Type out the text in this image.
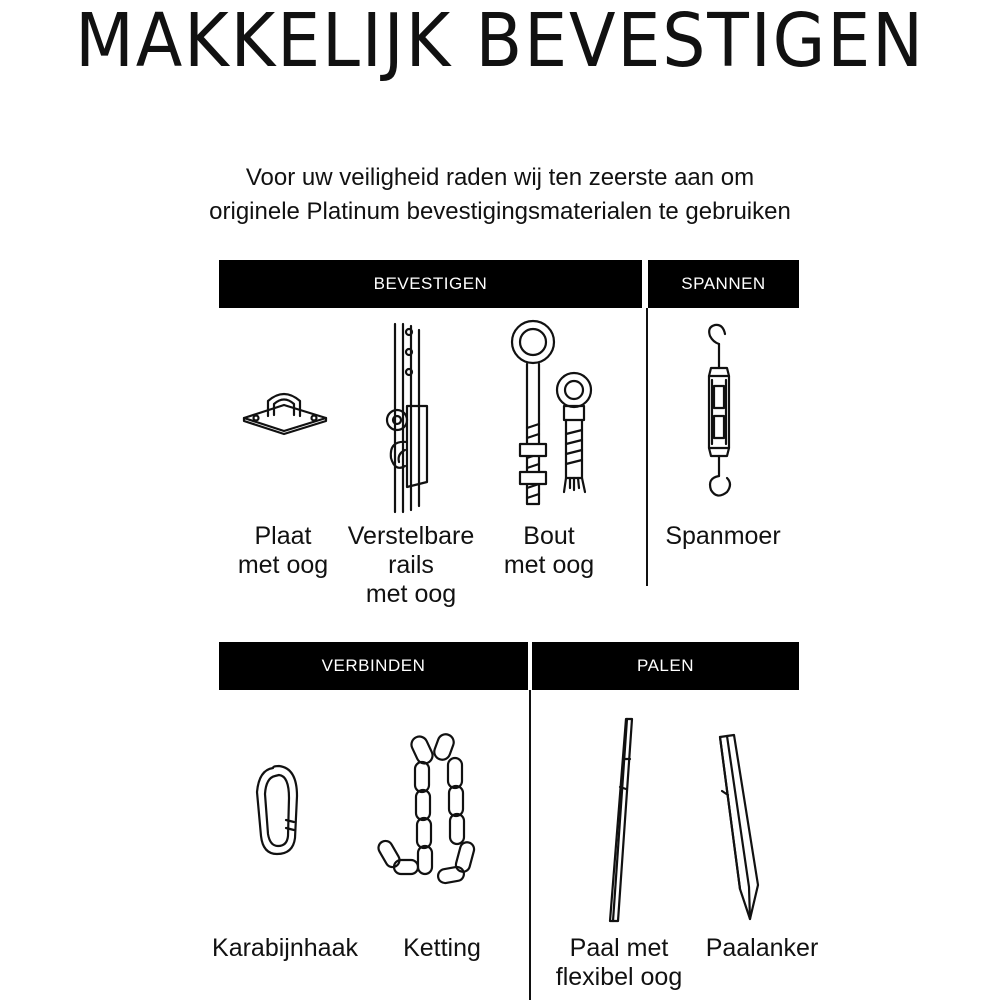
MAKKELIJK BEVESTIGEN
Voor uw veiligheid raden wij ten zeerste aan om
originele Platinum bevestigingsmaterialen te gebruiken
BEVESTIGEN	SPANNEN
VERBINDEN	PALEN
Plaat
met oog
Verstelbare
rails
met oog
Bout
met oog
Spanmoer
Karabijnhaak	Ketting	Paal met
flexibel oog
Paalanker
